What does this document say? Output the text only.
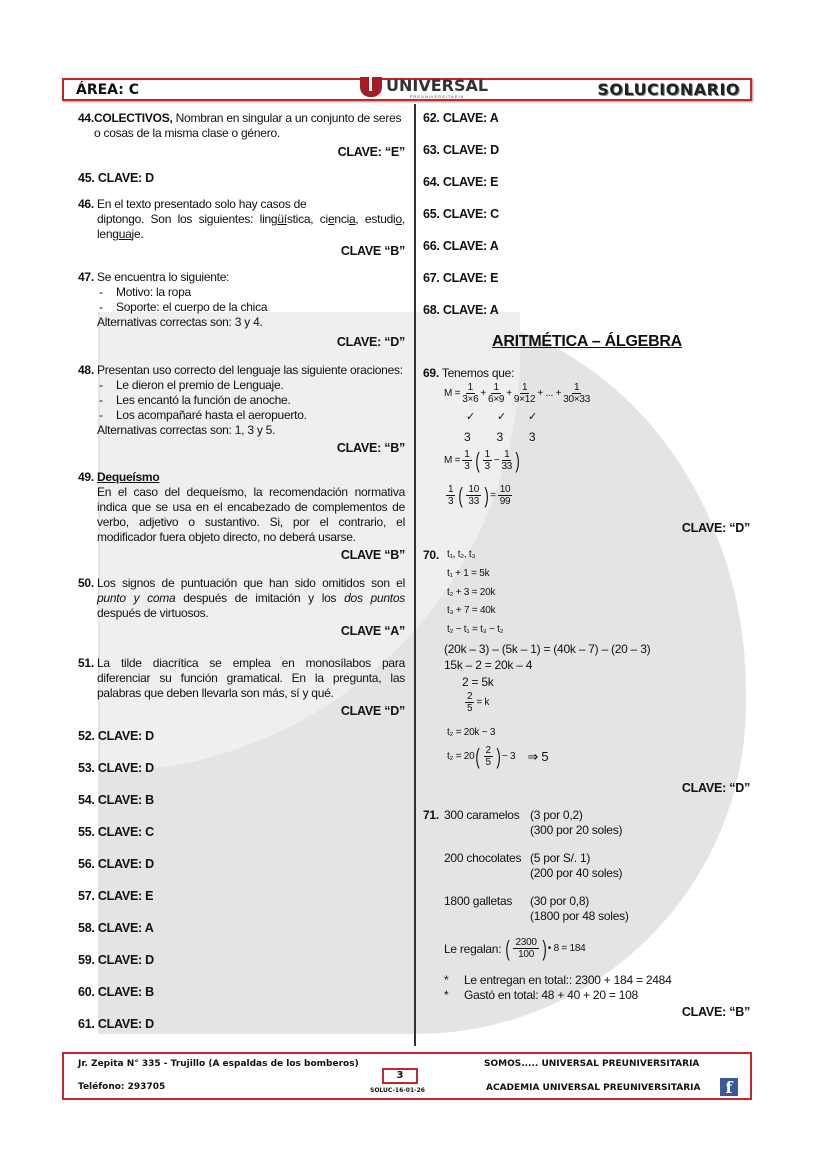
ÁREA: C	UNIVERSAL
PREUNIVERSITARIA	SOLUCIONARIO
44. COLECTIVOS, Nombran en singular a un conjunto de seres o cosas de la misma clase o género.
CLAVE: “E”
45. CLAVE: D
46. En el texto presentado solo hay casos de
diptongo. Son los siguientes: lingüística, ciencia, estudio,
lenguaje.
CLAVE “B”
47. Se encuentra lo siguiente:
-	Motivo: la ropa
-	Soporte: el cuerpo de la chica
Alternativas correctas son: 3 y 4.
CLAVE: “D”
48. Presentan uso correcto del lenguaje las siguiente oraciones:
-	Le dieron el premio de Lenguaje.
-	Les encantó la función de anoche.
-	Los acompañaré hasta el aeropuerto.
Alternativas correctas son: 1, 3 y 5.
CLAVE: “B”
49. Dequeísmo
En el caso del dequeísmo, la recomendación normativa indica que se usa en el encabezado de complementos de verbo, adjetivo o sustantivo. Si, por el contrario, el modificador fuera objeto directo, no deberá usarse.
CLAVE “B”
50. Los signos de puntuación que han sido omitidos son el punto y coma después de imitación y los dos puntos después de virtuosos.
CLAVE “A”
51. La tilde diacrítica se emplea en monosílabos para diferenciar su función gramatical. En la pregunta, las palabras que deben llevarla son más, sí y qué.
CLAVE “D”
52. CLAVE: D
53. CLAVE: D
54. CLAVE: B
55. CLAVE: C
56. CLAVE: D
57. CLAVE: E
58. CLAVE: A
59. CLAVE: D
60. CLAVE: B
61. CLAVE: D
62. CLAVE: A
63. CLAVE: D
64. CLAVE: E
65. CLAVE: C
66. CLAVE: A
67. CLAVE: E
68. CLAVE: A
ARITMÉTICA – ÁLGEBRA
69. Tenemos que:
$M = \frac{1}{3\times 6} + \frac{1}{6\times 9} + \frac{1}{9\times 12}$ + ... + $\frac{1}{30\times 33}$
✓ ✓ ✓
3 3 3
$M = \frac{1}{3}$ ( $\frac{1}{3} - \frac{1}{33}$ )
$\frac{1}{3}$ ( $\frac{10}{33}$ ) = $\frac{10}{99}$
CLAVE: “D”
70. t₁, t₂, t₃
t₁ + 1 = 5k
t₂ + 3 = 20k
t₃ + 7 = 40k
t₂ − t₁ = t₃ − t₂
(20k – 3) – (5k – 1) = (40k – 7) – (20 – 3)
15k – 2 = 20k – 4
2 = 5k
$\frac{2}{5} = k$
t₂ = 20k − 3
t₂ = 20 ( $\frac{2}{5}$ ) − 3 ⇒ 5
CLAVE: “D”
71. 300 caramelos (3 por 0,2)
(300 por 20 soles)
200 chocolates (5 por S/. 1)
(200 por 40 soles)
1800 galletas	(30 por 0,8)
(1800 por 48 soles)
Le regalan:
( $\frac{2300}{100}$ ) • 8 = 184
*	Le entregan en total:: 2300 + 184 = 2484
*	Gastó en total: 48 + 40 + 20 = 108
CLAVE: “B”
Jr. Zepita N° 335 - Trujillo (A espaldas de los bomberos)
Teléfono: 293705
3
SOLUC-16-01-26
SOMOS..... UNIVERSAL PREUNIVERSITARIA
ACADEMIA UNIVERSAL PREUNIVERSITARIA	f
